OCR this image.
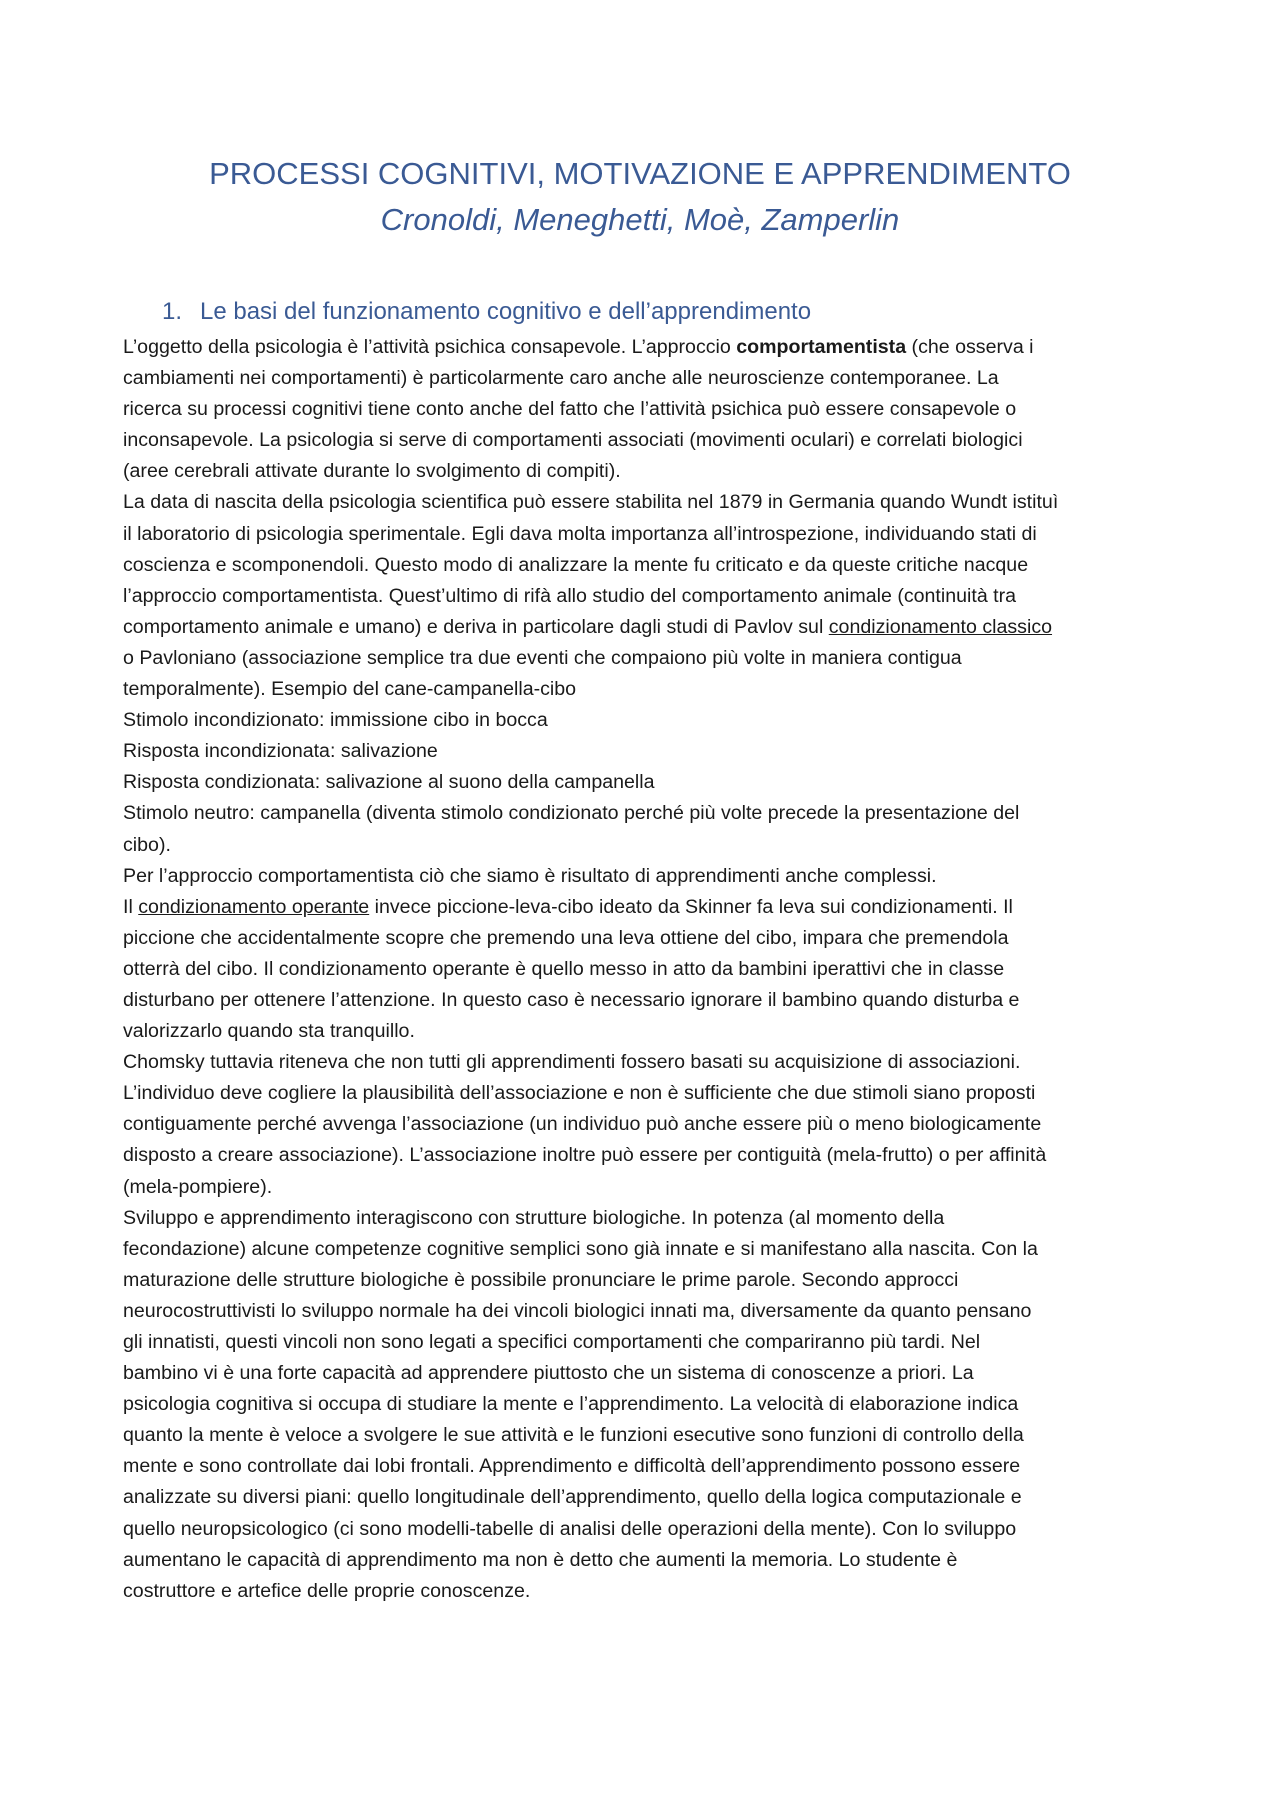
PROCESSI COGNITIVI, MOTIVAZIONE E APPRENDIMENTO
Cronoldi, Meneghetti, Moè, Zamperlin
1. Le basi del funzionamento cognitivo e dell’apprendimento
L’oggetto della psicologia è l’attività psichica consapevole. L’approccio comportamentista (che osserva i
cambiamenti nei comportamenti) è particolarmente caro anche alle neuroscienze contemporanee. La
ricerca su processi cognitivi tiene conto anche del fatto che l’attività psichica può essere consapevole o
inconsapevole. La psicologia si serve di comportamenti associati (movimenti oculari) e correlati biologici
(aree cerebrali attivate durante lo svolgimento di compiti).
La data di nascita della psicologia scientifica può essere stabilita nel 1879 in Germania quando Wundt istituì
il laboratorio di psicologia sperimentale. Egli dava molta importanza all’introspezione, individuando stati di
coscienza e scomponendoli. Questo modo di analizzare la mente fu criticato e da queste critiche nacque
l’approccio comportamentista. Quest’ultimo di rifà allo studio del comportamento animale (continuità tra
comportamento animale e umano) e deriva in particolare dagli studi di Pavlov sul condizionamento classico
o Pavloniano (associazione semplice tra due eventi che compaiono più volte in maniera contigua
temporalmente). Esempio del cane-campanella-cibo
Stimolo incondizionato: immissione cibo in bocca
Risposta incondizionata: salivazione
Risposta condizionata: salivazione al suono della campanella
Stimolo neutro: campanella (diventa stimolo condizionato perché più volte precede la presentazione del
cibo).
Per l’approccio comportamentista ciò che siamo è risultato di apprendimenti anche complessi.
Il condizionamento operante invece piccione-leva-cibo ideato da Skinner fa leva sui condizionamenti. Il
piccione che accidentalmente scopre che premendo una leva ottiene del cibo, impara che premendola
otterrà del cibo. Il condizionamento operante è quello messo in atto da bambini iperattivi che in classe
disturbano per ottenere l’attenzione. In questo caso è necessario ignorare il bambino quando disturba e
valorizzarlo quando sta tranquillo.
Chomsky tuttavia riteneva che non tutti gli apprendimenti fossero basati su acquisizione di associazioni.
L’individuo deve cogliere la plausibilità dell’associazione e non è sufficiente che due stimoli siano proposti
contiguamente perché avvenga l’associazione (un individuo può anche essere più o meno biologicamente
disposto a creare associazione). L’associazione inoltre può essere per contiguità (mela-frutto) o per affinità
(mela-pompiere).
Sviluppo e apprendimento interagiscono con strutture biologiche. In potenza (al momento della
fecondazione) alcune competenze cognitive semplici sono già innate e si manifestano alla nascita. Con la
maturazione delle strutture biologiche è possibile pronunciare le prime parole. Secondo approcci
neurocostruttivisti lo sviluppo normale ha dei vincoli biologici innati ma, diversamente da quanto pensano
gli innatisti, questi vincoli non sono legati a specifici comportamenti che compariranno più tardi. Nel
bambino vi è una forte capacità ad apprendere piuttosto che un sistema di conoscenze a priori. La
psicologia cognitiva si occupa di studiare la mente e l’apprendimento. La velocità di elaborazione indica
quanto la mente è veloce a svolgere le sue attività e le funzioni esecutive sono funzioni di controllo della
mente e sono controllate dai lobi frontali. Apprendimento e difficoltà dell’apprendimento possono essere
analizzate su diversi piani: quello longitudinale dell’apprendimento, quello della logica computazionale e
quello neuropsicologico (ci sono modelli-tabelle di analisi delle operazioni della mente). Con lo sviluppo
aumentano le capacità di apprendimento ma non è detto che aumenti la memoria. Lo studente è
costruttore e artefice delle proprie conoscenze.
